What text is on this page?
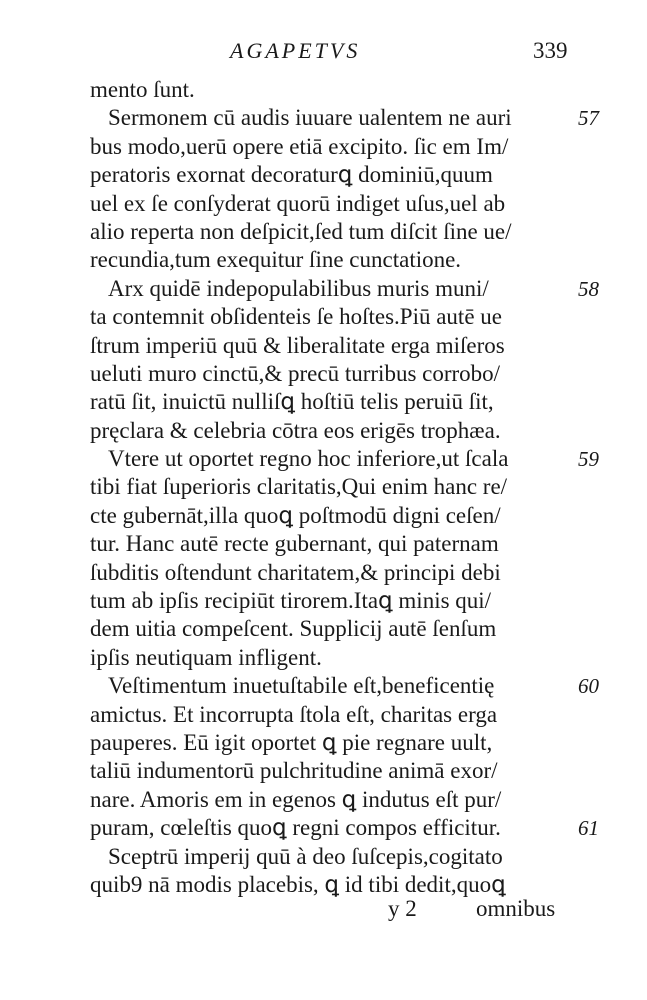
AGAPETVS	339
mento ſunt.
Sermonem cū audis iuuare ualentem ne auri	57
bus modo,uerū opere etiā excipito. ſic em Im/
peratoris exornat decoraturꝗ dominiū,quum
uel ex ſe conſyderat quorū indiget uſus,uel ab
alio reperta non deſpicit,ſed tum diſcit ſine ue/
recundia,tum exequitur ſine cunctatione.
Arx quidē indepopulabilibus muris muni/	58
ta contemnit obſidenteis ſe hoſtes.Piū autē ue
ſtrum imperiū quū & liberalitate erga miſeros
ueluti muro cinctū,& precū turribus corrobo/
ratū ſit, inuictū nulliſꝗ hoſtiū telis peruiū ſit,
pręclara & celebria cōtra eos erigēs trophæa.
Vtere ut oportet regno hoc inferiore,ut ſcala	59
tibi fiat ſuperioris claritatis,Qui enim hanc re/
cte gubernāt,illa quoꝗ poſtmodū digni ceſen/
tur. Hanc autē recte gubernant, qui paternam
ſubditis oſtendunt charitatem,& principi debi
tum ab ipſis recipiūt tirorem.Itaꝗ minis qui/
dem uitia compeſcent. Supplicij autē ſenſum
ipſis neutiquam infligent.
Veſtimentum inuetuſtabile eſt,beneficentię	60
amictus. Et incorrupta ſtola eſt, charitas erga
pauperes. Eū igit oportet ꝗ pie regnare uult,
taliū indumentorū pulchritudine animā exor/
nare. Amoris em in egenos ꝗ indutus eſt pur/
puram, cœleſtis quoꝗ regni compos efficitur.	61
Sceptrū imperij quū à deo ſuſcepis,cogitato
quib9 nā modis placebis, ꝗ id tibi dedit,quoꝗ
y 2	omnibus
